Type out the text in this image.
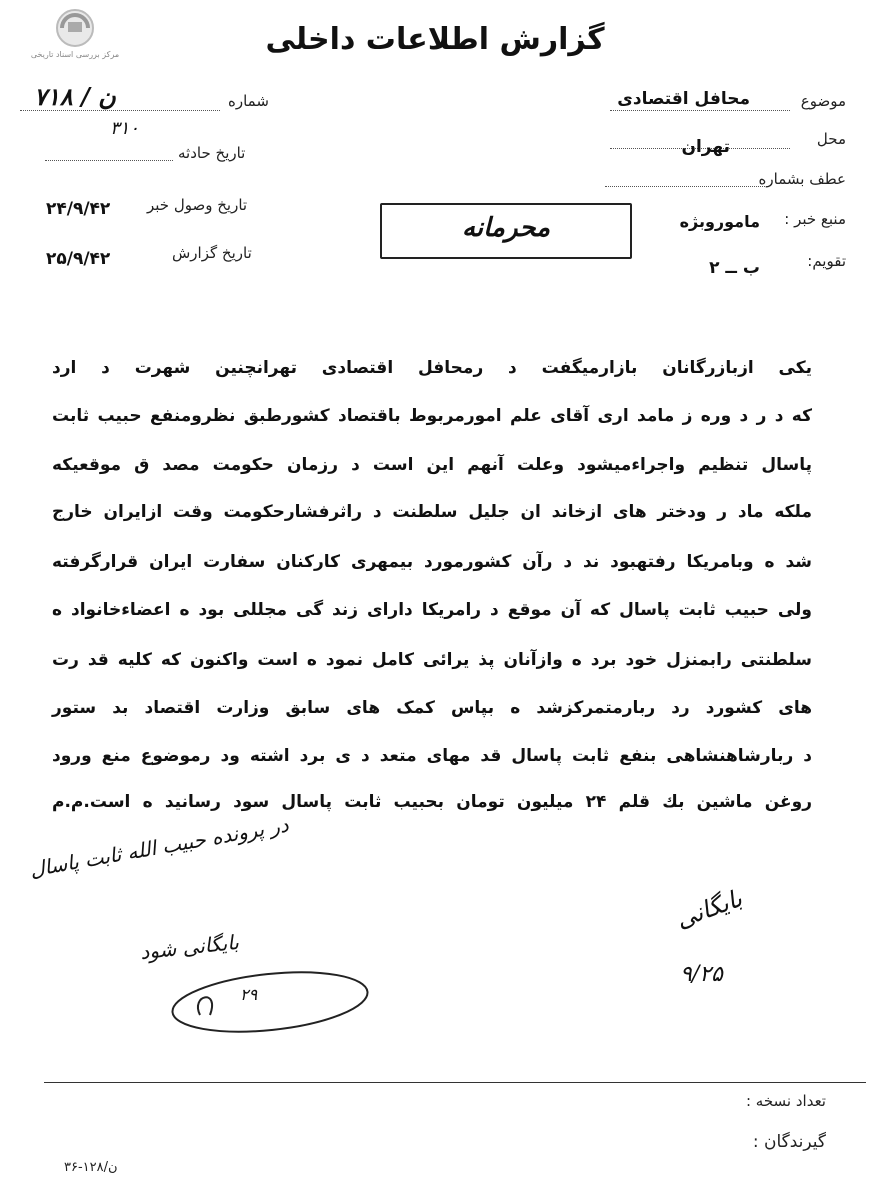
مرکز بررسی اسناد تاریخی	گزارش اطلاعات داخلی
موضوع
محافل اقتصادی
محل
تهران
عطف بشماره
منبع خبر :
ماموروبژه
تقویم:
ب ــ ۲
محرمانه
شماره
۷۱۸ / ن
۳۱۰
تاریخ حادثه
تاریخ وصول خبر
۲۴/۹/۴۲
تاریخ گزارش
۲۵/۹/۴۲
یکی ازبازرگانان بازارمیگفت د رمحافل اقتصادی تهرانچنین شهرت د ارد
که د ر د وره ز مامد اری آقای علم امورمربوط باقتصاد کشورطبق نظرومنفع حبیب ثابت
پاسال تنظیم واجراءمیشود وعلت آنهم این است د رزمان حکومت مصد ق موقعیکه
ملکه ماد ر ودختر های ازخاند ان جلیل سلطنت د راثرفشارحکومت وقت ازایران خارج
شد ه وبامریکا رفتهبود ند د رآن کشورمورد بیمهری کارکنان سفارت ایران قرارگرفته
ولی حبیب ثابت پاسال که آن موقع د رامریکا دارای زند گی مجللی بود ه اعضاءخانواد ه
سلطنتی رابمنزل خود برد ه وازآنان پذ یرائی کامل نمود ه است واکنون که کلیه قد رت
های کشورد رد ربارمتمرکزشد ه بپاس کمک های سابق وزارت اقتصاد بد ستور
د ربارشاهنشاهی بنفع ثابت پاسال قد مهای متعد د ی برد اشته ود رموضوع منع ورود
روغن ماشین بك قلم ۲۴ میلیون تومان بحبیب ثابت پاسال سود رسانید ه است.م.م
در پرونده حبیب الله ثابت پاسال
بایگانی شود
۲۹
بایگانی
۹/۲۵
تعداد نسخه :
گیرندگان :
ن/۱۲۸-۳۶
